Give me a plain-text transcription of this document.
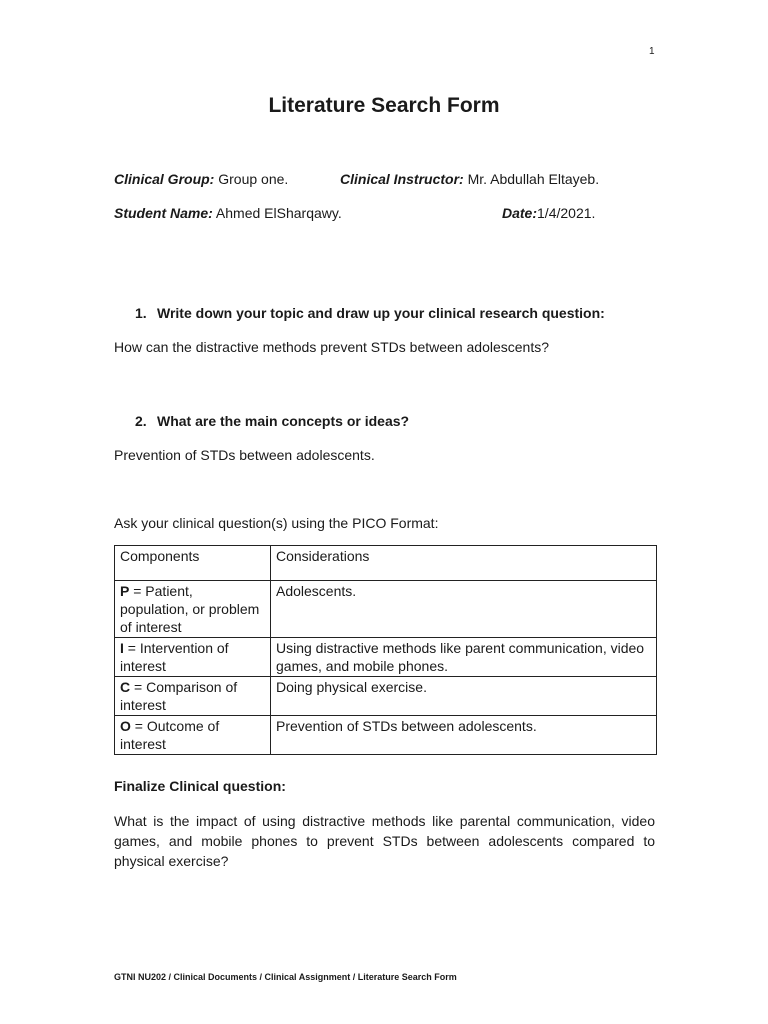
1
Literature Search Form
Clinical Group: Group one.	Clinical Instructor: Mr. Abdullah Eltayeb.
Student Name: Ahmed ElSharqawy.	Date:1/4/2021.
1. Write down your topic and draw up your clinical research question:
How can the distractive methods prevent STDs between adolescents?
2. What are the main concepts or ideas?
Prevention of STDs between adolescents.
Ask your clinical question(s) using the PICO Format:
Components	Considerations
P = Patient, population, or problem of interest	Adolescents.
I = Intervention of interest	Using distractive methods like parent communication, video games, and mobile phones.
C = Comparison of interest	Doing physical exercise.
O = Outcome of interest	Prevention of STDs between adolescents.
Finalize Clinical question:
What is the impact of using distractive methods like parental communication, video games, and mobile phones to prevent STDs between adolescents compared to physical exercise?
GTNI NU202 / Clinical Documents / Clinical Assignment / Literature Search Form
